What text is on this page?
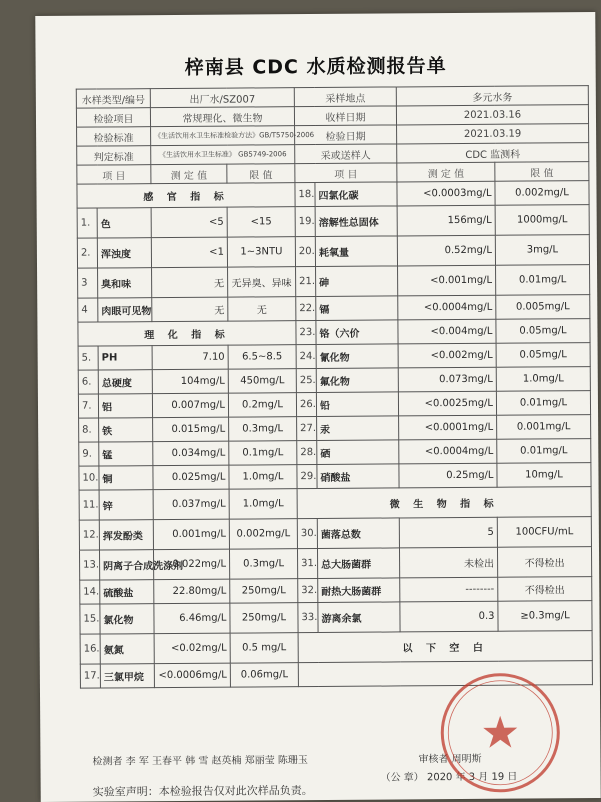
梓南县 CDC 水质检测报告单
水样类型/编号		出厂水/SZ007		采样地点		多元水务	
检验项目		常规理化、微生物		收样日期		2021.03.16	
检验标准		《生活饮用水卫生标准检验方法》GB/T5750-2006		检验日期		2021.03.19	
判定标准		《生活饮用水卫生标准》 GB5749-2006		采或送样人		CDC 监测科	
项 目		测 定 值	限 值	项 目		测 定 值	限 值
感 官 指 标				18.	四氯化碳	<0.0003mg/L	0.002mg/L
1.	色	<5	<15	19.	溶解性总固体	156mg/L	1000mg/L
2.	浑浊度	<1	1~3NTU	20.	耗氧量	0.52mg/L	3mg/L
3	臭和味	无	无异臭、异味	21.	砷	<0.001mg/L	0.01mg/L
4	肉眼可见物	无	无	22.	镉	<0.0004mg/L	0.005mg/L
理 化 指 标				23.	铬（六价	<0.004mg/L	0.05mg/L
5.	PH	7.10	6.5~8.5	24.	氰化物	<0.002mg/L	0.05mg/L
6.	总硬度	104mg/L	450mg/L	25.	氟化物	0.073mg/L	1.0mg/L
7.	铝	0.007mg/L	0.2mg/L	26.	铅	<0.0025mg/L	0.01mg/L
8.	铁	0.015mg/L	0.3mg/L	27.	汞	<0.0001mg/L	0.001mg/L
9.	锰	0.034mg/L	0.1mg/L	28.	硒	<0.0004mg/L	0.01mg/L
10.	铜	0.025mg/L	1.0mg/L	29.	硝酸盐	0.25mg/L	10mg/L
11.	锌	0.037mg/L	1.0mg/L	微 生 物 指 标			
12.	挥发酚类	0.001mg/L	0.002mg/L	30.	菌落总数	5	100CFU/mL
13.	阴离子合成洗涤剂	0.022mg/L	0.3mg/L	31.	总大肠菌群	未检出	不得检出
14.	硫酸盐	22.80mg/L	250mg/L	32.	耐热大肠菌群	--------	不得检出
15.	氯化物	6.46mg/L	250mg/L	33.	游离余氯	0.3	≥0.3mg/L
16.	氨氮	<0.02mg/L	0.5 mg/L	以 下 空 白			
17.	三氯甲烷	<0.0006mg/L	0.06mg/L				
检测者 李 军 王春平 韩 雪 赵英楠 郑丽莹 陈珊玉	审核者 周明斯
实验室声明：本检验报告仅对此次样品负责。
（公 章） 2020 年 3 月 19 日
